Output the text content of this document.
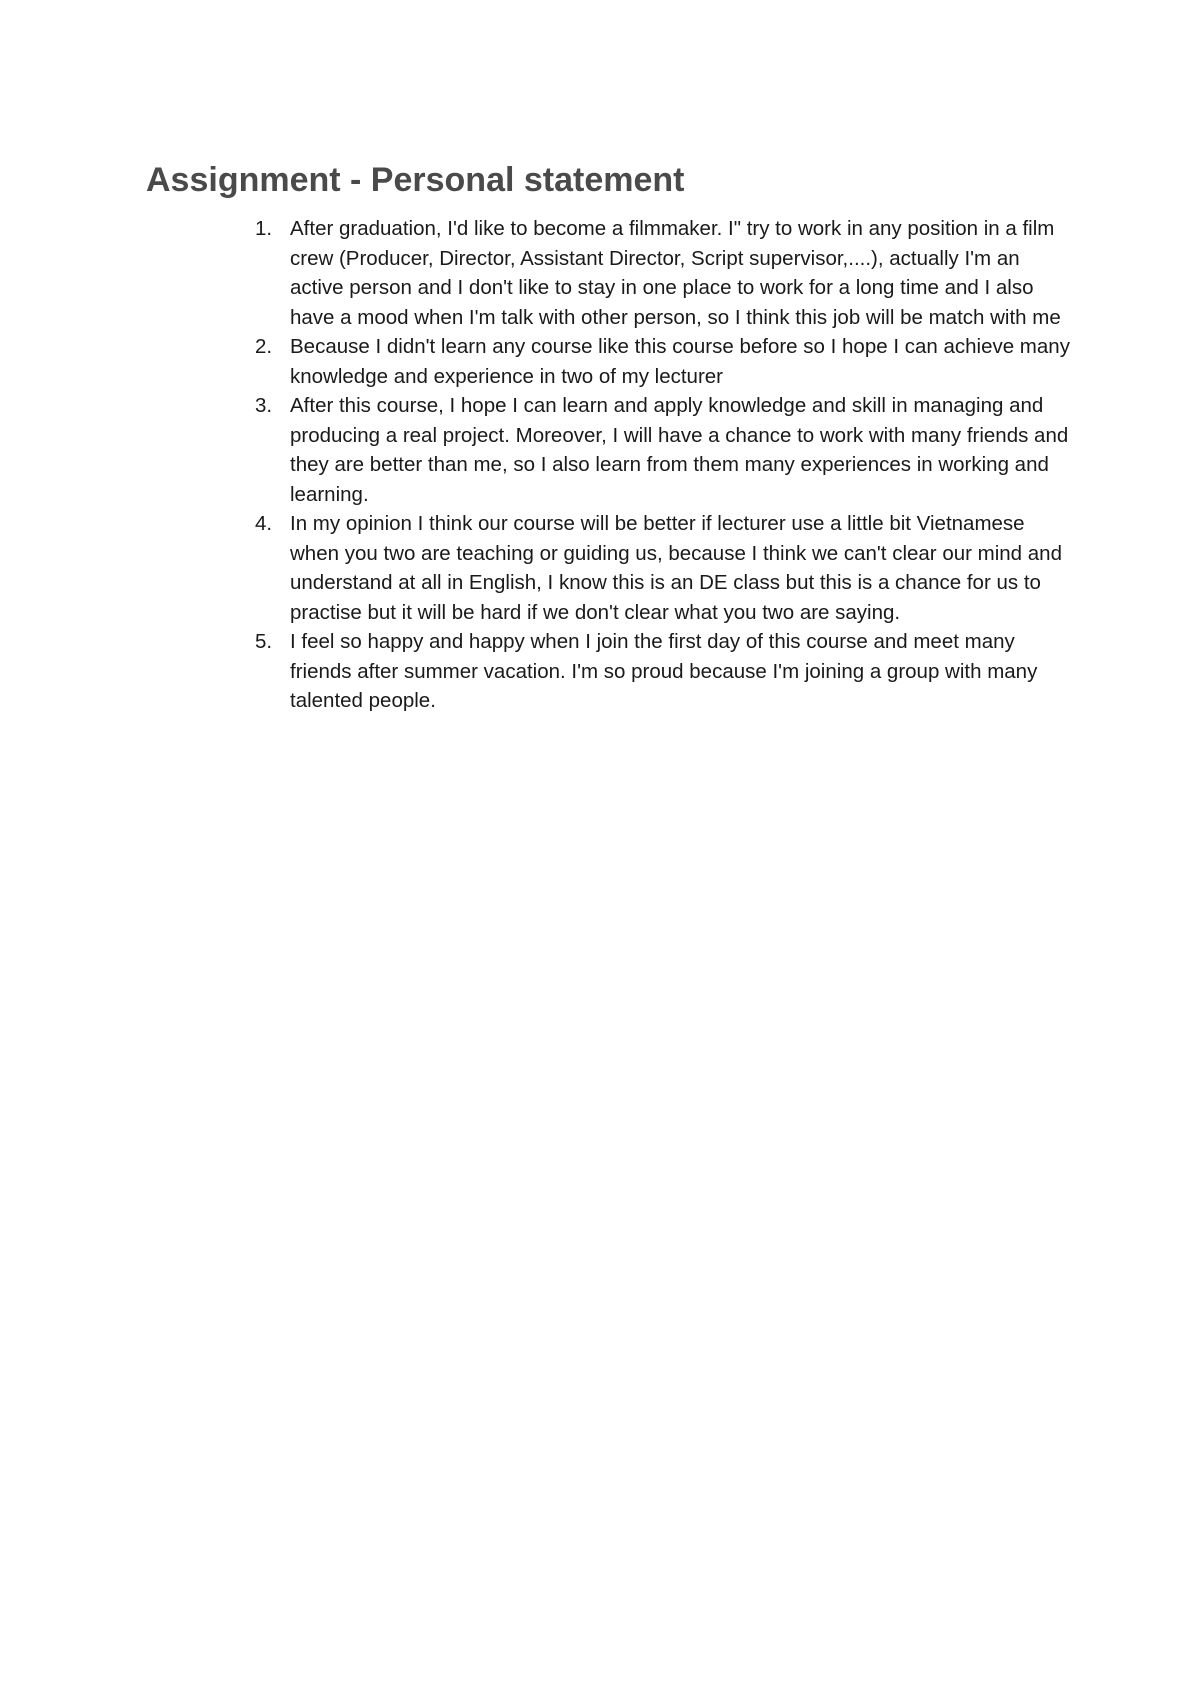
Assignment - Personal statement
1. After graduation, I'd like to become a filmmaker. I" try to work in any position in a film crew (Producer, Director, Assistant Director, Script supervisor,....), actually I'm an active person and I don't like to stay in one place to work for a long time and I also have a mood when I'm talk with other person, so I think this job will be match with me
2. Because I didn't learn any course like this course before so I hope I can achieve many knowledge and experience in two of my lecturer
3. After this course, I hope I can learn and apply knowledge and skill in managing and producing a real project. Moreover, I will have a chance to work with many friends and they are better than me, so I also learn from them many experiences in working and learning.
4. In my opinion I think our course will be better if lecturer use a little bit Vietnamese when you two are teaching or guiding us, because I think we can't clear our mind and understand at all in English, I know this is an DE class but this is a chance for us to practise but it will be hard if we don't clear what you two are saying.
5. I feel so happy and happy when I join the first day of this course and meet many friends after summer vacation. I'm so proud because I'm joining a group with many talented people.
